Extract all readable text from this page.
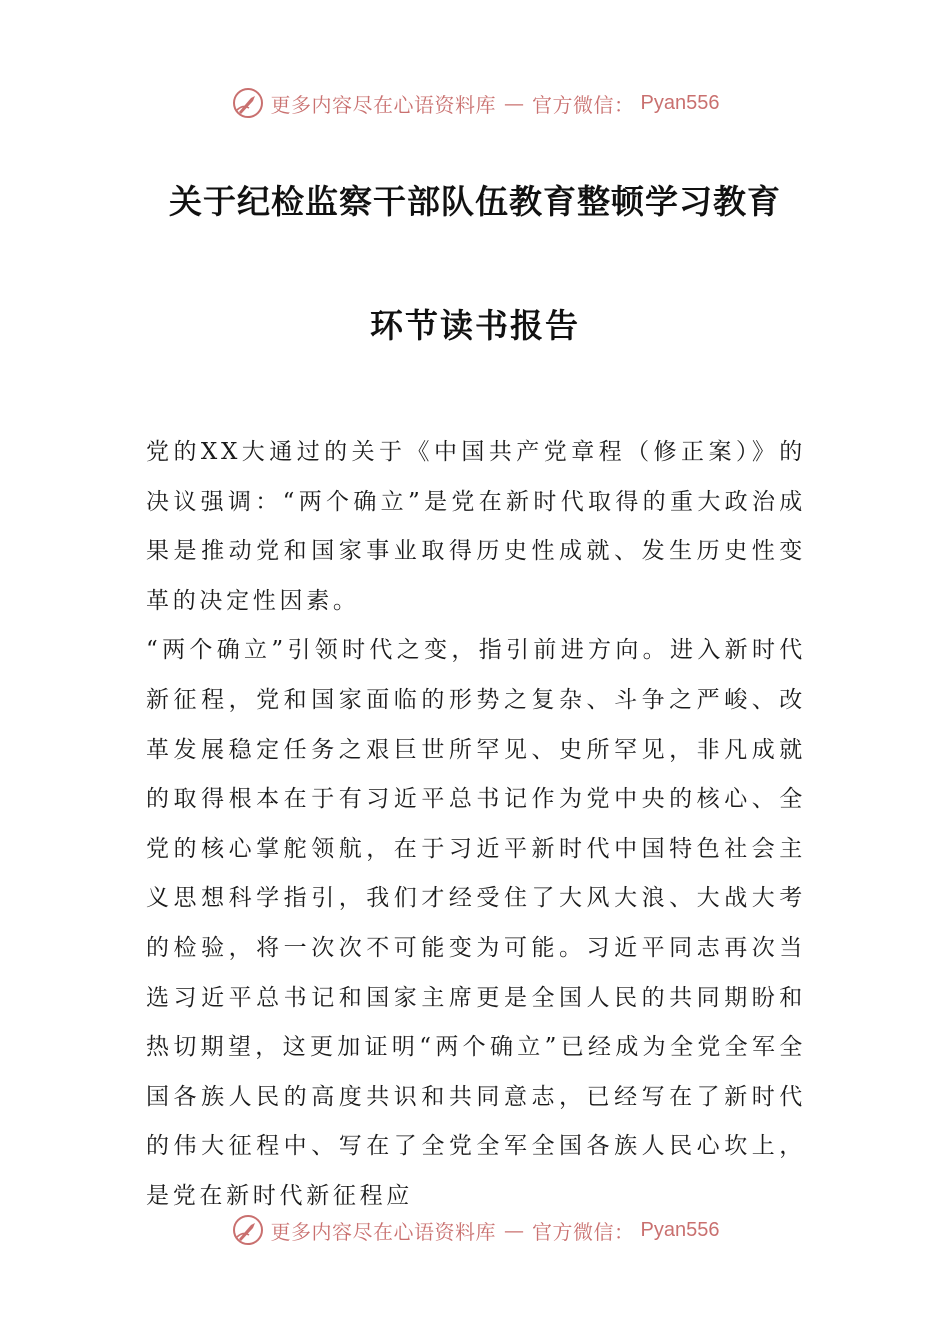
更多内容尽在心语资料库 — 官方微信： Pyan556
关于纪检监察干部队伍教育整顿学习教育
环节读书报告

党的XX大通过的关于《中国共产党章程（修正案）》的决议强调：“两个确立”是党在新时代取得的重大政治成果是推动党和国家事业取得历史性成就、发生历史性变革的决定性因素。

“两个确立”引领时代之变，指引前进方向。进入新时代新征程，党和国家面临的形势之复杂、斗争之严峻、改革发展稳定任务之艰巨世所罕见、史所罕见，非凡成就的取得根本在于有习近平总书记作为党中央的核心、全党的核心掌舵领航，在于习近平新时代中国特色社会主义思想科学指引，我们才经受住了大风大浪、大战大考的检验，将一次次不可能变为可能。习近平同志再次当选习近平总书记和国家主席更是全国人民的共同期盼和热切期望，这更加证明“两个确立”已经成为全党全军全国各族人民的高度共识和共同意志，已经写在了新时代的伟大征程中、写在了全党全军全国各族人民心坎上，是党在新时代新征程应

更多内容尽在心语资料库 — 官方微信： Pyan556
